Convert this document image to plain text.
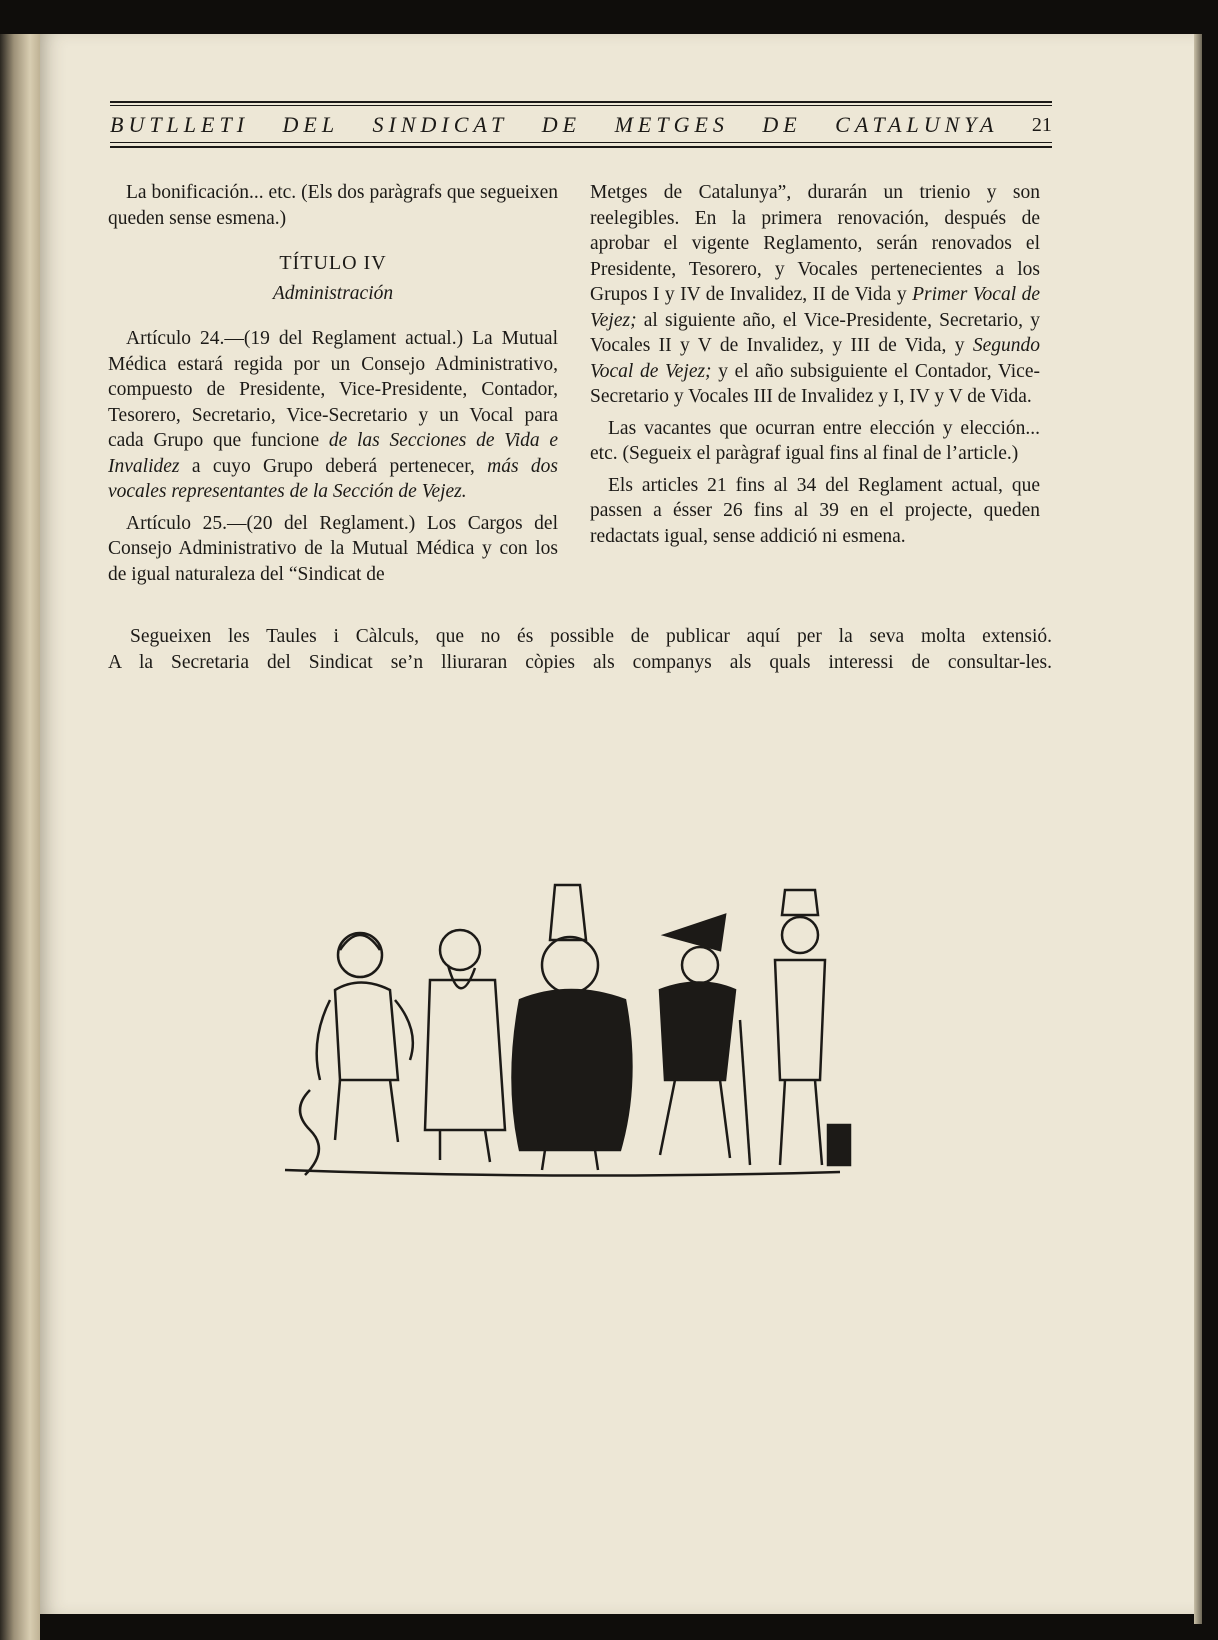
BUTLLETI DEL SINDICAT DE METGES DE CATALUNYA 21

La bonificación... etc. (Els dos paràgrafs que segueixen queden sense esmena.)

TÍTULO IV
Administración

Artículo 24.—(19 del Reglament actual.) La Mutual Médica estará regida por un Consejo Administrativo, compuesto de Presidente, Vice-Presidente, Contador, Tesorero, Secretario, Vice-Secretario y un Vocal para cada Grupo que funcione de las Secciones de Vida e Invalidez a cuyo Grupo deberá pertenecer, más dos vocales representantes de la Sección de Vejez.

Artículo 25.—(20 del Reglament.) Los Cargos del Consejo Administrativo de la Mutual Médica y con los de igual naturaleza del “Sindicat de

Metges de Catalunya”, durarán un trienio y son reelegibles. En la primera renovación, después de aprobar el vigente Reglamento, serán renovados el Presidente, Tesorero, y Vocales pertenecientes a los Grupos I y IV de Invalidez, II de Vida y Primer Vocal de Vejez; al siguiente año, el Vice-Presidente, Secretario, y Vocales II y V de Invalidez, y III de Vida, y Segundo Vocal de Vejez; y el año subsiguiente el Contador, Vice-Secretario y Vocales III de Invalidez y I, IV y V de Vida.

Las vacantes que ocurran entre elección y elección... etc. (Segueix el paràgraf igual fins al final de l’article.)

Els articles 21 fins al 34 del Reglament actual, que passen a ésser 26 fins al 39 en el projecte, queden redactats igual, sense addició ni esmena.

Segueixen les Taules i Càlculs, que no és possible de publicar aquí per la seva molta extensió.

A la Secretaria del Sindicat se’n lliuraran còpies als companys als quals interessi de consultar-les.
